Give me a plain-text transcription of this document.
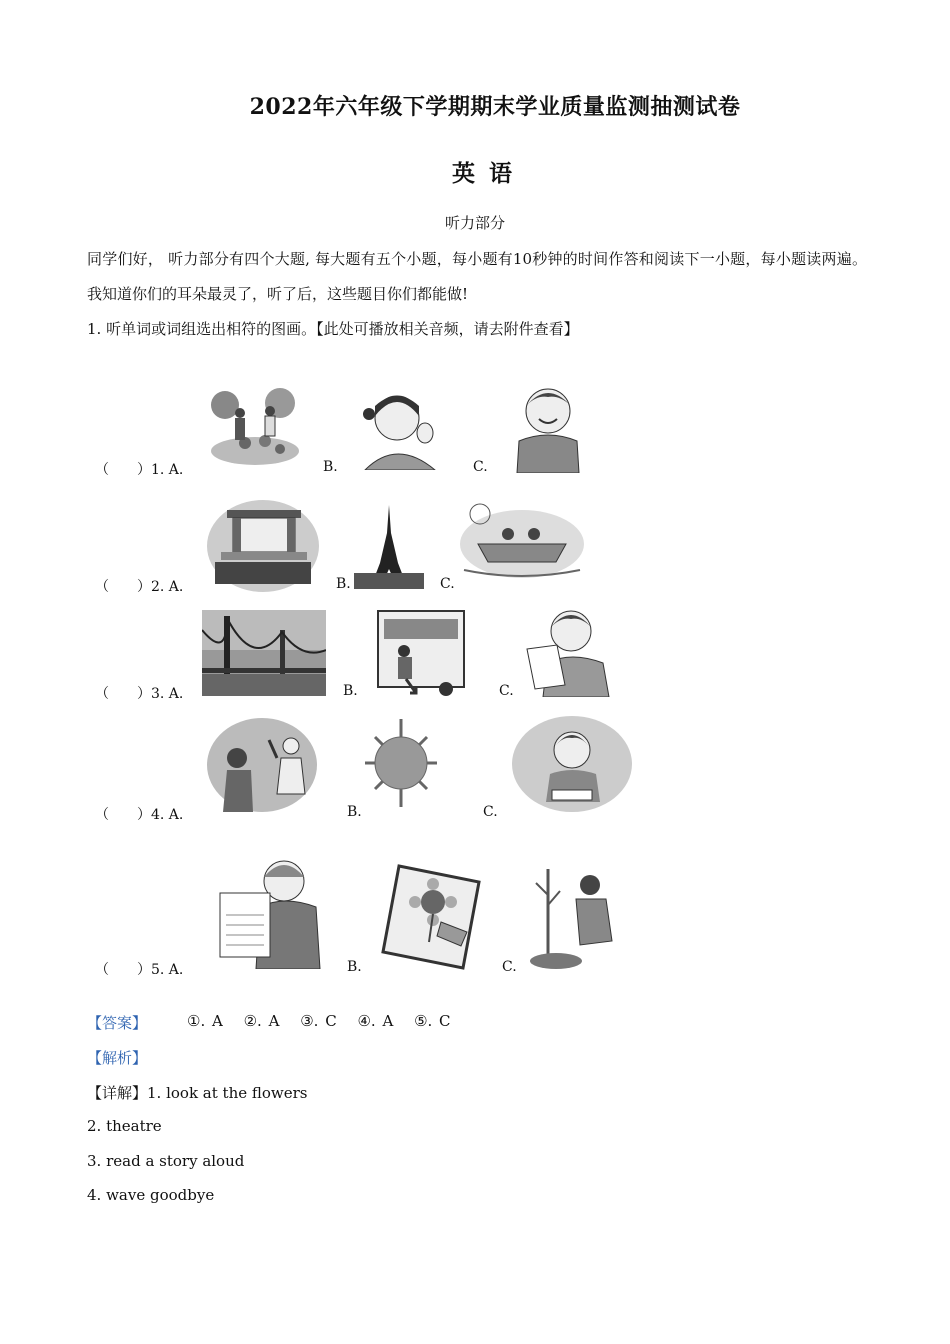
2022年六年级下学期期末学业质量监测抽测试卷
英语
听力部分
同学们好， 听力部分有四个大题, 每大题有五个小题，每小题有10秒钟的时间作答和阅读下一小题，每小题读两遍。我知道你们的耳朵最灵了，听了后，这些题目你们都能做!
1. 听单词或词组选出相符的图画。【此处可播放相关音频，请去附件查看】
（　　）1. A.	B.	C.
（　　）2. A.	B.	C.
（　　）3. A.	B.	C.
（　　）4. A.	B.	C.
（　　）5. A.	B.	C.
【答案】	①. A ②. A ③. C ④. A ⑤. C
【解析】
【详解】1. look at the flowers
2. theatre
3. read a story aloud
4. wave goodbye
